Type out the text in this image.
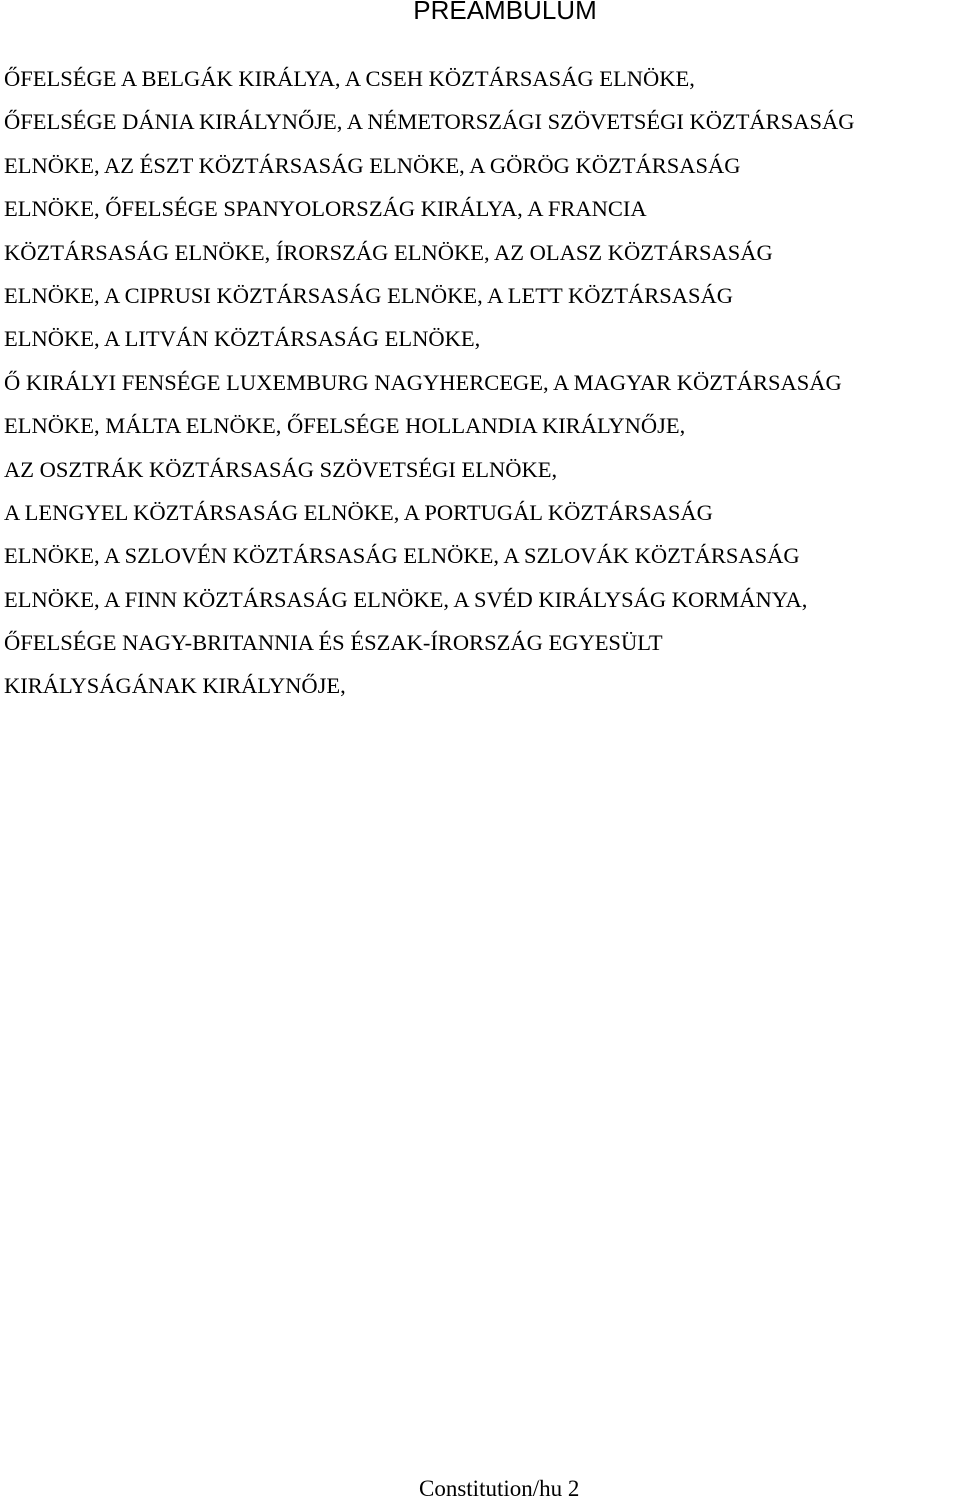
PREAMBULUM
ŐFELSÉGE A BELGÁK KIRÁLYA, A CSEH KÖZTÁRSASÁG ELNÖKE,
ŐFELSÉGE DÁNIA KIRÁLYNŐJE, A NÉMETORSZÁGI SZÖVETSÉGI KÖZTÁRSASÁG
ELNÖKE, AZ ÉSZT KÖZTÁRSASÁG ELNÖKE, A GÖRÖG KÖZTÁRSASÁG
ELNÖKE, ŐFELSÉGE SPANYOLORSZÁG KIRÁLYA, A FRANCIA
KÖZTÁRSASÁG ELNÖKE, ÍRORSZÁG ELNÖKE, AZ OLASZ KÖZTÁRSASÁG
ELNÖKE, A CIPRUSI KÖZTÁRSASÁG ELNÖKE, A LETT KÖZTÁRSASÁG
ELNÖKE, A LITVÁN KÖZTÁRSASÁG ELNÖKE,
Ő KIRÁLYI FENSÉGE LUXEMBURG NAGYHERCEGE, A MAGYAR KÖZTÁRSASÁG
ELNÖKE, MÁLTA ELNÖKE, ŐFELSÉGE HOLLANDIA KIRÁLYNŐJE,
AZ OSZTRÁK KÖZTÁRSASÁG SZÖVETSÉGI ELNÖKE,
A LENGYEL KÖZTÁRSASÁG ELNÖKE, A PORTUGÁL KÖZTÁRSASÁG
ELNÖKE, A SZLOVÉN KÖZTÁRSASÁG ELNÖKE, A SZLOVÁK KÖZTÁRSASÁG
ELNÖKE, A FINN KÖZTÁRSASÁG ELNÖKE, A SVÉD KIRÁLYSÁG KORMÁNYA,
ŐFELSÉGE NAGY-BRITANNIA ÉS ÉSZAK-ÍRORSZÁG EGYESÜLT
KIRÁLYSÁGÁNAK KIRÁLYNŐJE,
Constitution/hu 2
